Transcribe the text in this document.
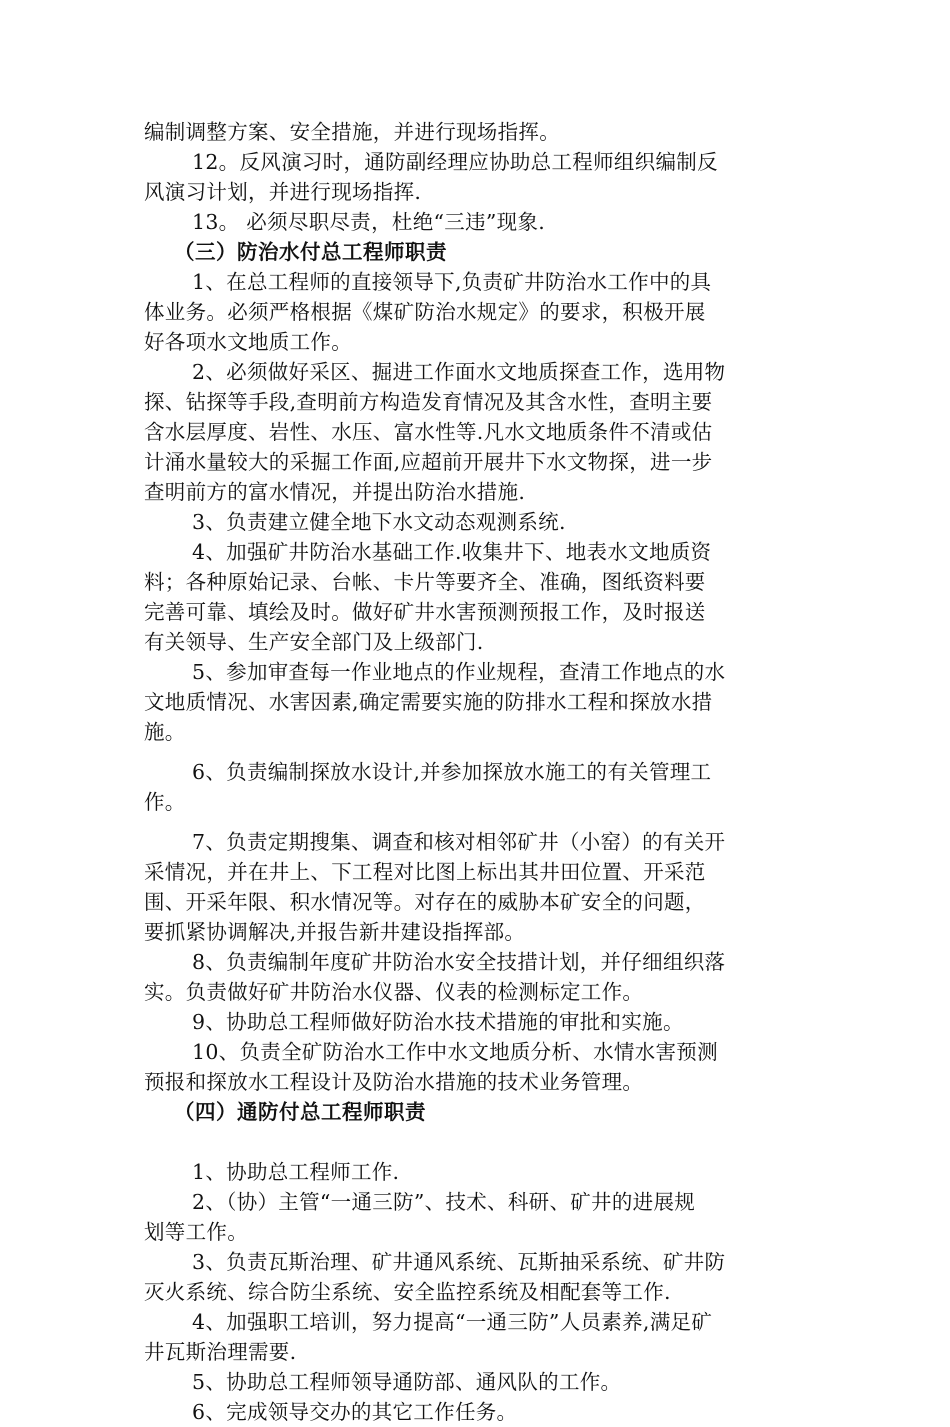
编制调整方案、安全措施，并进行现场指挥。
12。反风演习时，通防副经理应协助总工程师组织编制反
风演习计划，并进行现场指挥.
13。 必须尽职尽责，杜绝“三违”现象.
（三）防治水付总工程师职责
1、在总工程师的直接领导下,负责矿井防治水工作中的具
体业务。必须严格根据《煤矿防治水规定》的要求，积极开展
好各项水文地质工作。
2、必须做好采区、掘进工作面水文地质探查工作，选用物
探、钻探等手段,查明前方构造发育情况及其含水性，查明主要
含水层厚度、岩性、水压、富水性等.凡水文地质条件不清或估
计涌水量较大的采掘工作面,应超前开展井下水文物探，进一步
查明前方的富水情况，并提出防治水措施.
3、负责建立健全地下水文动态观测系统.
4、加强矿井防治水基础工作.收集井下、地表水文地质资
料；各种原始记录、台帐、卡片等要齐全、准确，图纸资料要
完善可靠、填绘及时。做好矿井水害预测预报工作，及时报送
有关领导、生产安全部门及上级部门.
5、参加审查每一作业地点的作业规程，查清工作地点的水
文地质情况、水害因素,确定需要实施的防排水工程和探放水措
施。
6、负责编制探放水设计,并参加探放水施工的有关管理工
作。
7、负责定期搜集、调查和核对相邻矿井（小窑）的有关开
采情况，并在井上、下工程对比图上标出其井田位置、开采范
围、开采年限、积水情况等。对存在的威胁本矿安全的问题，
要抓紧协调解决,并报告新井建设指挥部。
8、负责编制年度矿井防治水安全技措计划，并仔细组织落
实。负责做好矿井防治水仪器、仪表的检测标定工作。
9、协助总工程师做好防治水技术措施的审批和实施。
10、负责全矿防治水工作中水文地质分析、水情水害预测
预报和探放水工程设计及防治水措施的技术业务管理。
（四）通防付总工程师职责
1、协助总工程师工作.
2、（协）主管“一通三防”、技术、科研、矿井的进展规
划等工作。
3、负责瓦斯治理、矿井通风系统、瓦斯抽采系统、矿井防
灭火系统、综合防尘系统、安全监控系统及相配套等工作.
4、加强职工培训，努力提高“一通三防”人员素养,满足矿
井瓦斯治理需要.
5、协助总工程师领导通防部、通风队的工作。
6、完成领导交办的其它工作任务。
